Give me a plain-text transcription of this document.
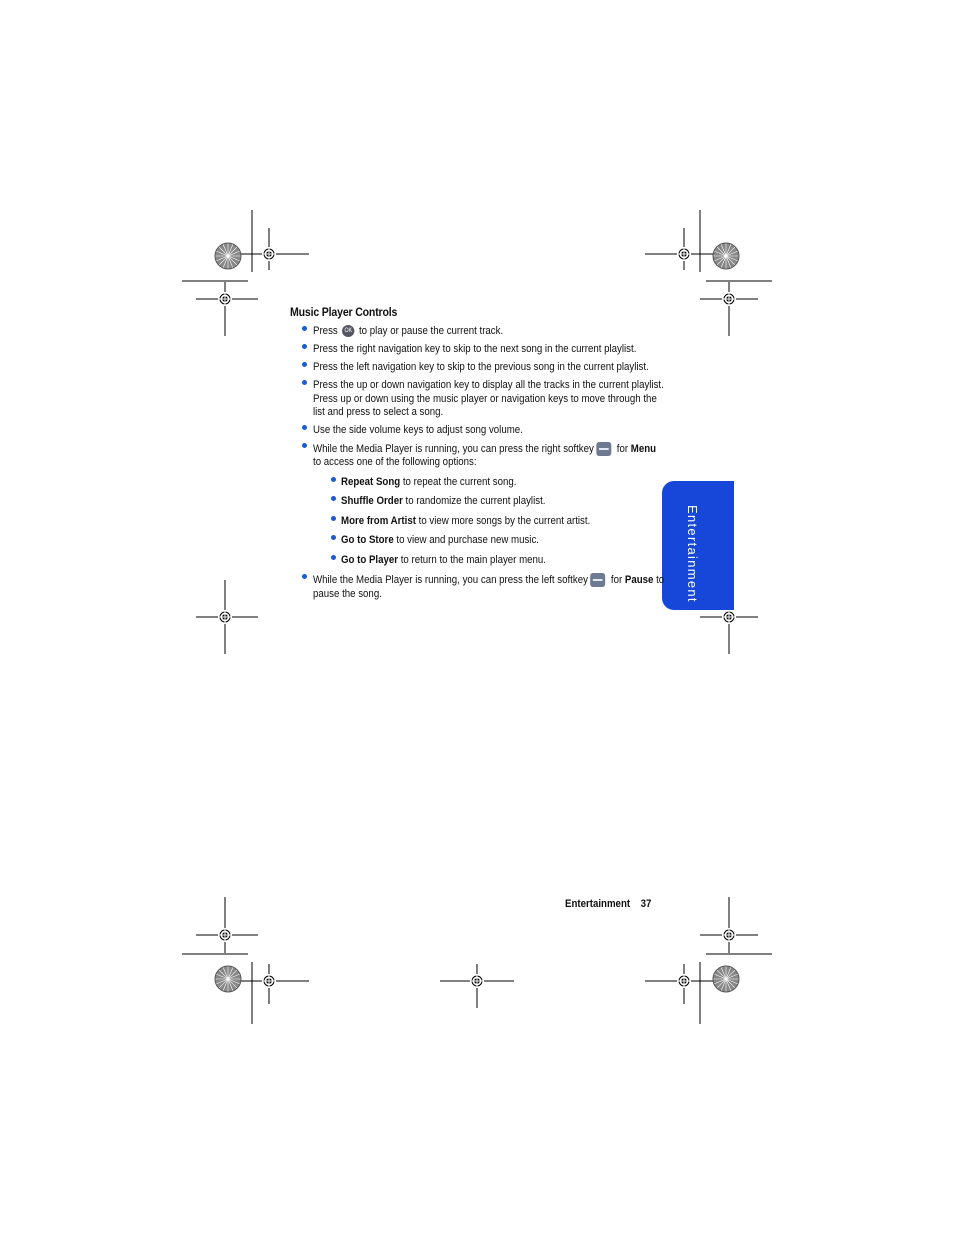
Entertainment
Music Player Controls
Press OK to play or pause the current track.
Press the right navigation key to skip to the next song in the current playlist.
Press the left navigation key to skip to the previous song in the current playlist.
Press the up or down navigation key to display all the tracks in the current playlist. Press up or down using the music player or navigation keys to move through the list and press to select a song.
Use the side volume keys to adjust song volume.
While the Media Player is running, you can press the right softkey for Menu to access one of the following options:
Repeat Song to repeat the current song.
Shuffle Order to randomize the current playlist.
More from Artist to view more songs by the current artist.
Go to Store to view and purchase new music.
Go to Player to return to the main player menu.
While the Media Player is running, you can press the left softkey for Pause to pause the song.
Entertainment 37
